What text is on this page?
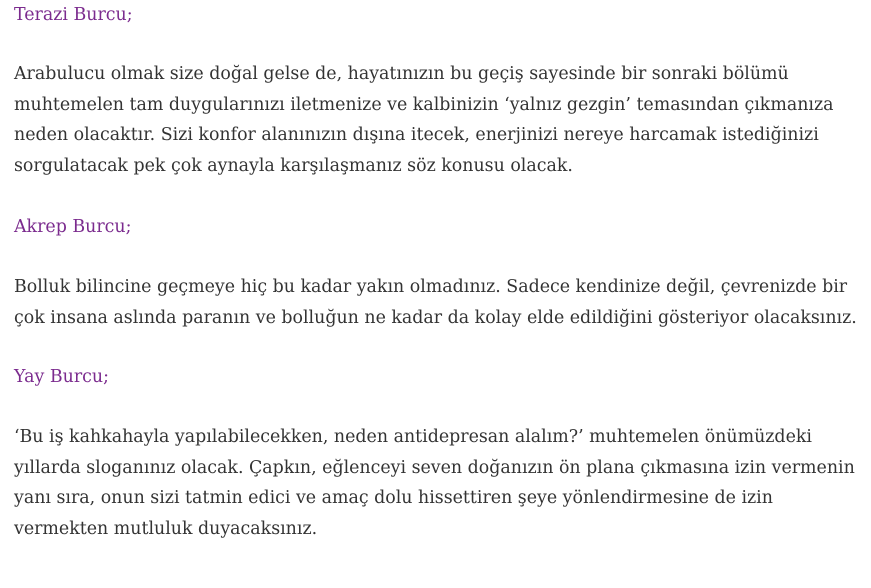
Terazi Burcu;

Arabulucu olmak size doğal gelse de, hayatınızın bu geçiş sayesinde bir sonraki bölümü muhtemelen tam duygularınızı iletmenize ve kalbinizin ‘yalnız gezgin’ temasından çıkmanıza neden olacaktır. Sizi konfor alanınızın dışına itecek, enerjinizi nereye harcamak istediğinizi sorgulatacak pek çok aynayla karşılaşmanız söz konusu olacak.

Akrep Burcu;

Bolluk bilincine geçmeye hiç bu kadar yakın olmadınız. Sadece kendinize değil, çevrenizde bir çok insana aslında paranın ve bolluğun ne kadar da kolay elde edildiğini gösteriyor olacaksınız.

Yay Burcu;

‘Bu iş kahkahayla yapılabilecekken, neden antidepresan alalım?’ muhtemelen önümüzdeki yıllarda sloganınız olacak. Çapkın, eğlenceyi seven doğanızın ön plana çıkmasına izin vermenin yanı sıra, onun sizi tatmin edici ve amaç dolu hissettiren şeye yönlendirmesine de izin vermekten mutluluk duyacaksınız.
